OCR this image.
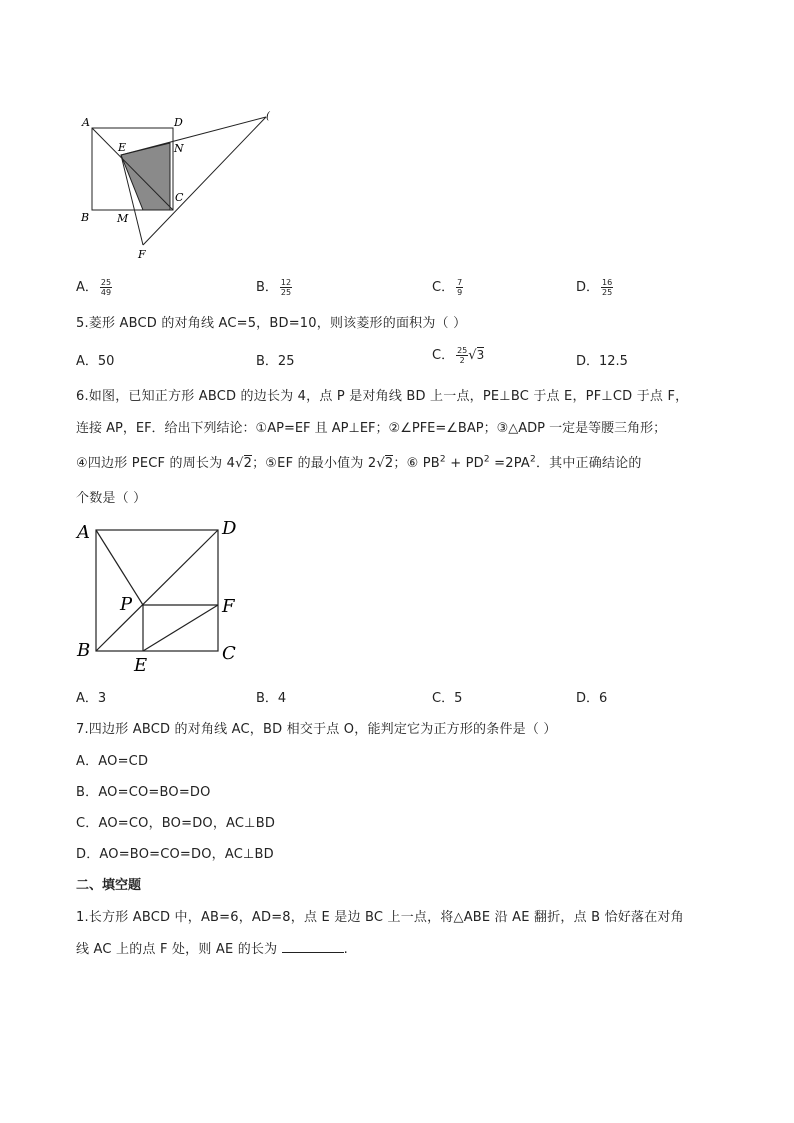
A	D
E	N
C
B	M
F
(
A． $\frac{25}{49}$	B． $\frac{12}{25}$	C． $\frac{7}{9}$	D． $\frac{16}{25}$
5.菱形 ABCD 的对角线 AC=5，BD=10，则该菱形的面积为（ ）
A．50	B．25	C． $\frac{25}{2} √3$	D．12.5
6.如图，已知正方形 ABCD 的边长为 4，点 P 是对角线 BD 上一点，PE⊥BC 于点 E，PF⊥CD 于点 F，
连接 AP，EF．给出下列结论：①AP=EF 且 AP⊥EF；②∠PFE=∠BAP；③△ADP 一定是等腰三角形；
④四边形 PECF 的周长为 4√2；⑤EF 的最小值为 2√2；⑥ $PB^2 + PD^2 =2PA^2$．其中正确结论的
个数是（ ）
A	D
P	F
B	C
E
A．3	B．4	C．5	D．6
7.四边形 ABCD 的对角线 AC，BD 相交于点 O，能判定它为正方形的条件是（ ）
A．AO=CD
B．AO=CO=BO=DO
C．AO=CO，BO=DO，AC⊥BD
D．AO=BO=CO=DO，AC⊥BD
二、填空题
1.长方形 ABCD 中，AB=6，AD=8，点 E 是边 BC 上一点，将△ABE 沿 AE 翻折，点 B 恰好落在对角
线 AC 上的点 F 处，则 AE 的长为	.
